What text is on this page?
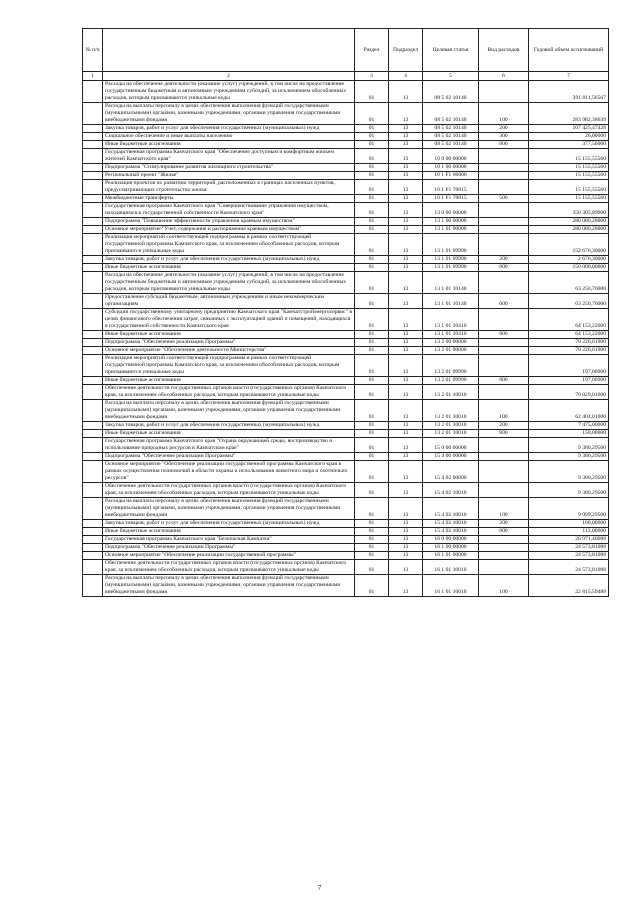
№ п/п		Раздел	Подраздел	Целевая статья	Вид расходов	Годовой объем ассигнований
1	2	3	4	5	6	7
	Расходы на обеспечение деятельности (оказание услуг) учреждений, в том числе на предоставление государственным бюджетным и автономным учреждениям субсидий, за исключением обособленных расходов, которым присваиваются уникальные коды	01	13	08 5 02 10140		391 811,56567
	Расходы на выплаты персоналу в целях обеспечения выполнения функций государственными (муниципальными) органами, казенными учреждениями, органами управления государственными внебюджетными фондами	01	13	08 5 02 10140	100	283 982,38639
	Закупка товаров, работ и услуг для обеспечения государственных (муниципальных) нужд	01	13	08 5 02 10140	200	107 425,47428
	Социальное обеспечение и иные выплаты населению	01	13	08 5 02 10140	300	26,00000
	Иные бюджетные ассигнования	01	13	08 5 02 10140	800	377,50000
	Государственная программа Камчатского края "Обеспечение доступным и комфортным жильем жителей Камчатского края"	01	13	10 0 00 00000		15 155,55560
	Подпрограмма "Стимулирование развития жилищного строительства"	01	13	10 1 00 00000		15 155,55560
	Региональный проект "Жилье"	01	13	10 1 F1 00000		15 155,55560
	Реализация проектов по развитию территорий, расположенных в границах населенных пунктов, предусматривающих строительство жилья	01	13	10 1 F1 70015		15 155,55560
	Межбюджетные трансферты	01	13	10 1 F1 70015	500	15 155,55560
	Государственная программа Камчатского края "Совершенствование управления имуществом, находящимся в государственной собственности Камчатского края"	01	13	13 0 00 00000		350 305,89900
	Подпрограмма "Повышение эффективности управления краевым имуществом"	01	13	13 1 00 00000		280 080,28000
	Основное мероприятие "Учет, содержание и распоряжение краевым имуществом"	01	13	13 1 01 00000		280 080,28000
	Реализация мероприятий соответствующей подпрограммы в рамках соответствующей государственной программы Камчатского края, за исключением обособленных расходов, которым присваиваются уникальные коды	01	13	13 1 01 09990		152 676,30000
	Закупка товаров, работ и услуг для обеспечения государственных (муниципальных) нужд	01	13	13 1 01 09990	200	2 676,30000
	Иные бюджетные ассигнования	01	13	13 1 01 09990	800	150 000,00000
	Расходы на обеспечение деятельности (оказание услуг) учреждений, в том числе на предоставление государственным бюджетным и автономным учреждениям субсидий, за исключением обособленных расходов, которым присваиваются уникальные коды	01	13	13 1 01 10140		63 250,76000
	Предоставление субсидий бюджетным, автономным учреждениям и иным некоммерческим организациям	01	13	13 1 01 10140	600	63 250,76000
	Субсидия государственному унитарному предприятию Камчатского края "Камчатстройэнергосервис" в целях финансового обеспечения затрат, связанных с эксплуатацией зданий и помещений, находящихся в государственной собственности Камчатского края	01	13	13 1 01 10410		64 153,22000
	Иные бюджетные ассигнования	01	13	13 1 01 10410	800	64 153,22000
	Подпрограмма "Обеспечение реализации Программы"	01	13	13 2 00 00000		70 226,61900
	Основное мероприятие "Обеспечение деятельности Министерства"	01	13	13 2 01 00000		70 226,61900
	Реализация мероприятий соответствующей подпрограммы в рамках соответствующей государственной программы Камчатского края, за исключением обособленных расходов, которым присваиваются уникальные коды	01	13	13 2 01 09990		197,60900
	Иные бюджетные ассигнования	01	13	13 2 01 09990	800	197,60900
	Обеспечение деятельности государственных органов власти (государственных органов) Камчатского края, за исключением обособленных расходов, которым присваиваются уникальные коды	01	13	13 2 01 10010		70 029,01000
	Расходы на выплаты персоналу в целях обеспечения выполнения функций государственными (муниципальными) органами, казенными учреждениями, органами управления государственными внебюджетными фондами	01	13	13 2 01 10010	100	62 404,01000
	Закупка товаров, работ и услуг для обеспечения государственных (муниципальных) нужд	01	13	13 2 01 10010	200	7 475,00000
	Иные бюджетные ассигнования	01	13	13 2 01 10010	800	150,00000
	Государственная программа Камчатского края "Охрана окружающей среды, воспроизводство и использование природных ресурсов в Камчатском крае"	01	13	15 0 00 00000		9 380,29500
	Подпрограмма "Обеспечение реализации Программы"	01	13	15 4 00 00000		9 380,29500
	Основное мероприятие "Обеспечение реализации государственной программы Камчатского края в рамках осуществления полномочий в области охраны и использования животного мира и охотничьих ресурсов"	01	13	15 4 02 00000		9 380,29500
	Обеспечение деятельности государственных органов власти (государственных органов) Камчатского края, за исключением обособленных расходов, которым присваиваются уникальные коды	01	13	15 4 02 10010		9 380,29500
	Расходы на выплаты персоналу в целях обеспечения выполнения функций государственными (муниципальными) органами, казенными учреждениями, органами управления государственными внебюджетными фондами	01	13	15 4 02 10010	100	9 099,29500
	Закупка товаров, работ и услуг для обеспечения государственных (муниципальных) нужд	01	13	15 4 02 10010	200	168,00000
	Иные бюджетные ассигнования	01	13	15 4 02 10010	800	113,00000
	Государственная программа Камчатского края "Безопасная Камчатка"	01	13	16 0 00 00000		26 971,40088
	Подпрограмма "Обеспечение реализации Программы"	01	13	16 1 00 00000		24 573,81088
	Основное мероприятие "Обеспечение реализации государственной программы"	01	13	16 1 01 00000		24 573,81088
	Обеспечение деятельности государственных органов власти (государственных органов) Камчатского края, за исключением обособленных расходов, которым присваиваются уникальные коды	01	13	16 1 01 10010		24 573,81088
	Расходы на выплаты персоналу в целях обеспечения выполнения функций государственными (муниципальными) органами, казенными учреждениями, органами управления государственными внебюджетными фондами	01	13	16 1 01 10010	100	22 815,59488
7
